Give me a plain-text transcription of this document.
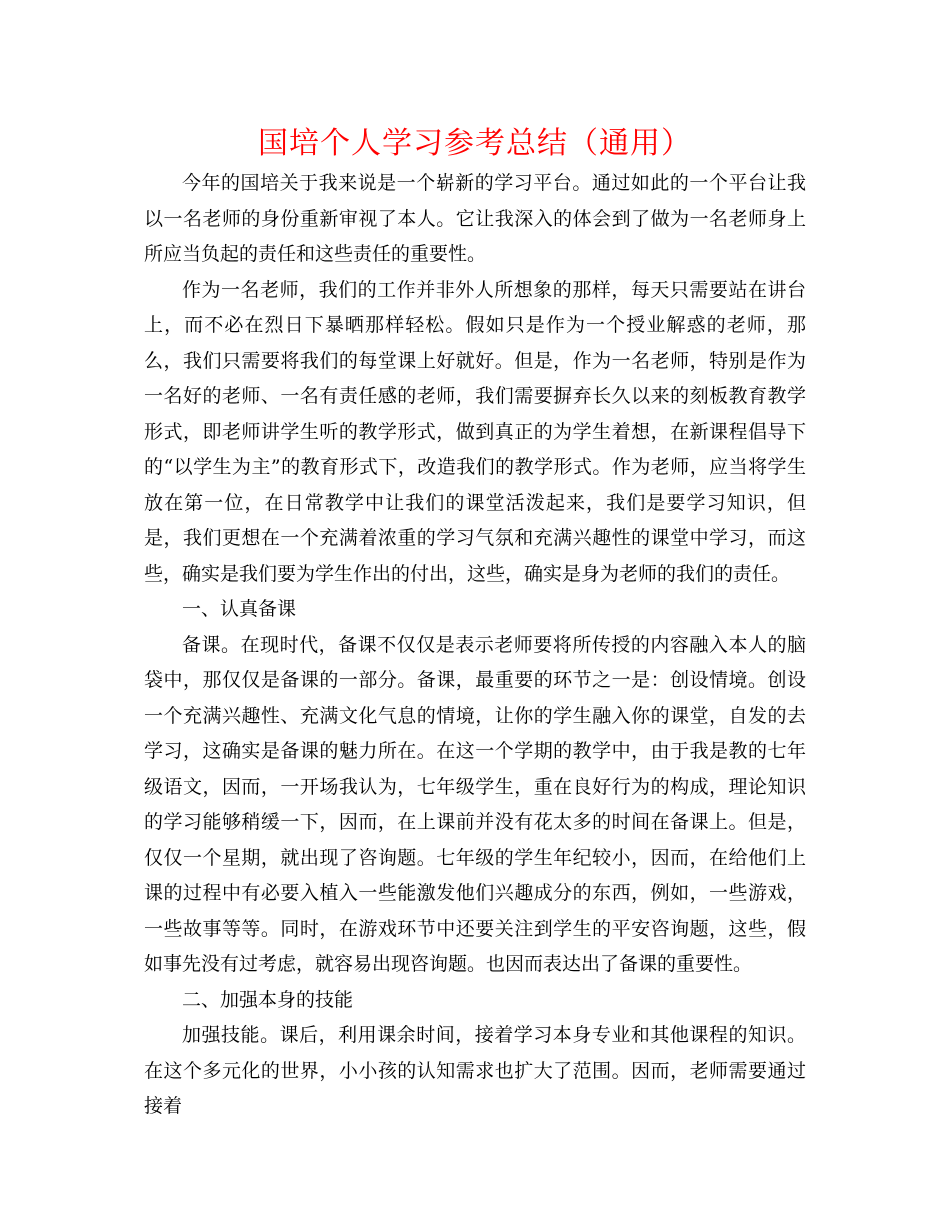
国培个人学习参考总结（通用）

今年的国培关于我来说是一个崭新的学习平台。通过如此的一个平台让我以一名老师的身份重新审视了本人。它让我深入的体会到了做为一名老师身上所应当负起的责任和这些责任的重要性。

作为一名老师，我们的工作并非外人所想象的那样，每天只需要站在讲台上，而不必在烈日下暴晒那样轻松。假如只是作为一个授业解惑的老师，那么，我们只需要将我们的每堂课上好就好。但是，作为一名老师，特别是作为一名好的老师、一名有责任感的老师，我们需要摒弃长久以来的刻板教育教学形式，即老师讲学生听的教学形式，做到真正的为学生着想，在新课程倡导下的“以学生为主”的教育形式下，改造我们的教学形式。作为老师，应当将学生放在第一位，在日常教学中让我们的课堂活泼起来，我们是要学习知识，但是，我们更想在一个充满着浓重的学习气氛和充满兴趣性的课堂中学习，而这些，确实是我们要为学生作出的付出，这些，确实是身为老师的我们的责任。

一、认真备课

备课。在现时代，备课不仅仅是表示老师要将所传授的内容融入本人的脑袋中，那仅仅是备课的一部分。备课，最重要的环节之一是：创设情境。创设一个充满兴趣性、充满文化气息的情境，让你的学生融入你的课堂，自发的去学习，这确实是备课的魅力所在。在这一个学期的教学中，由于我是教的七年级语文，因而，一开场我认为，七年级学生，重在良好行为的构成，理论知识的学习能够稍缓一下，因而，在上课前并没有花太多的时间在备课上。但是，仅仅一个星期，就出现了咨询题。七年级的学生年纪较小，因而，在给他们上课的过程中有必要入植入一些能激发他们兴趣成分的东西，例如，一些游戏，一些故事等等。同时，在游戏环节中还要关注到学生的平安咨询题，这些，假如事先没有过考虑，就容易出现咨询题。也因而表达出了备课的重要性。

二、加强本身的技能

加强技能。课后，利用课余时间，接着学习本身专业和其他课程的知识。在这个多元化的世界，小小孩的认知需求也扩大了范围。因而，老师需要通过接着
